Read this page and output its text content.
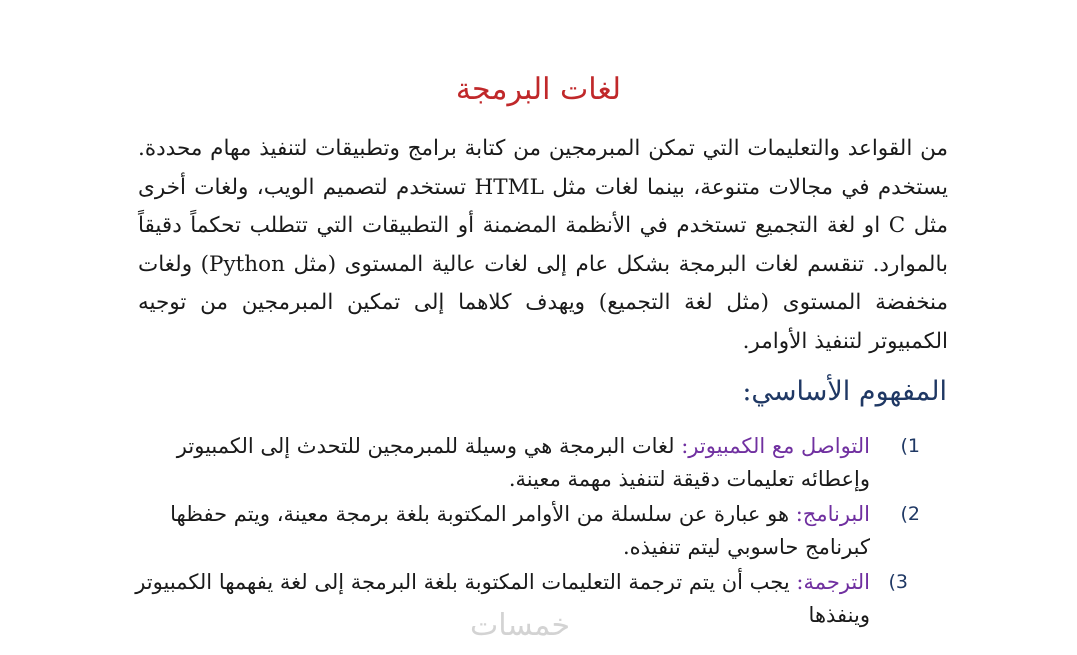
لغات البرمجة

من القواعد والتعليمات التي تمكن المبرمجين من كتابة برامج وتطبيقات لتنفيذ مهام محددة. يستخدم في مجالات متنوعة، بينما لغات مثل HTML تستخدم لتصميم الويب، ولغات أخرى مثل C او لغة التجميع تستخدم في الأنظمة المضمنة أو التطبيقات التي تتطلب تحكماً دقيقاً بالموارد. تنقسم لغات البرمجة بشكل عام إلى لغات عالية المستوى (مثل Python) ولغات منخفضة المستوى (مثل لغة التجميع) ويهدف كلاهما إلى تمكين المبرمجين من توجيه الكمبيوتر لتنفيذ الأوامر.

المفهوم الأساسي:
1)
التواصل مع الكمبيوتر: لغات البرمجة هي وسيلة للمبرمجين للتحدث إلى الكمبيوتر وإعطائه تعليمات دقيقة لتنفيذ مهمة معينة.
2)
البرنامج: هو عبارة عن سلسلة من الأوامر المكتوبة بلغة برمجة معينة، ويتم حفظها كبرنامج حاسوبي ليتم تنفيذه.
3)
الترجمة: يجب أن يتم ترجمة التعليمات المكتوبة بلغة البرمجة إلى لغة يفهمها الكمبيوتر وينفذها
خمسات
